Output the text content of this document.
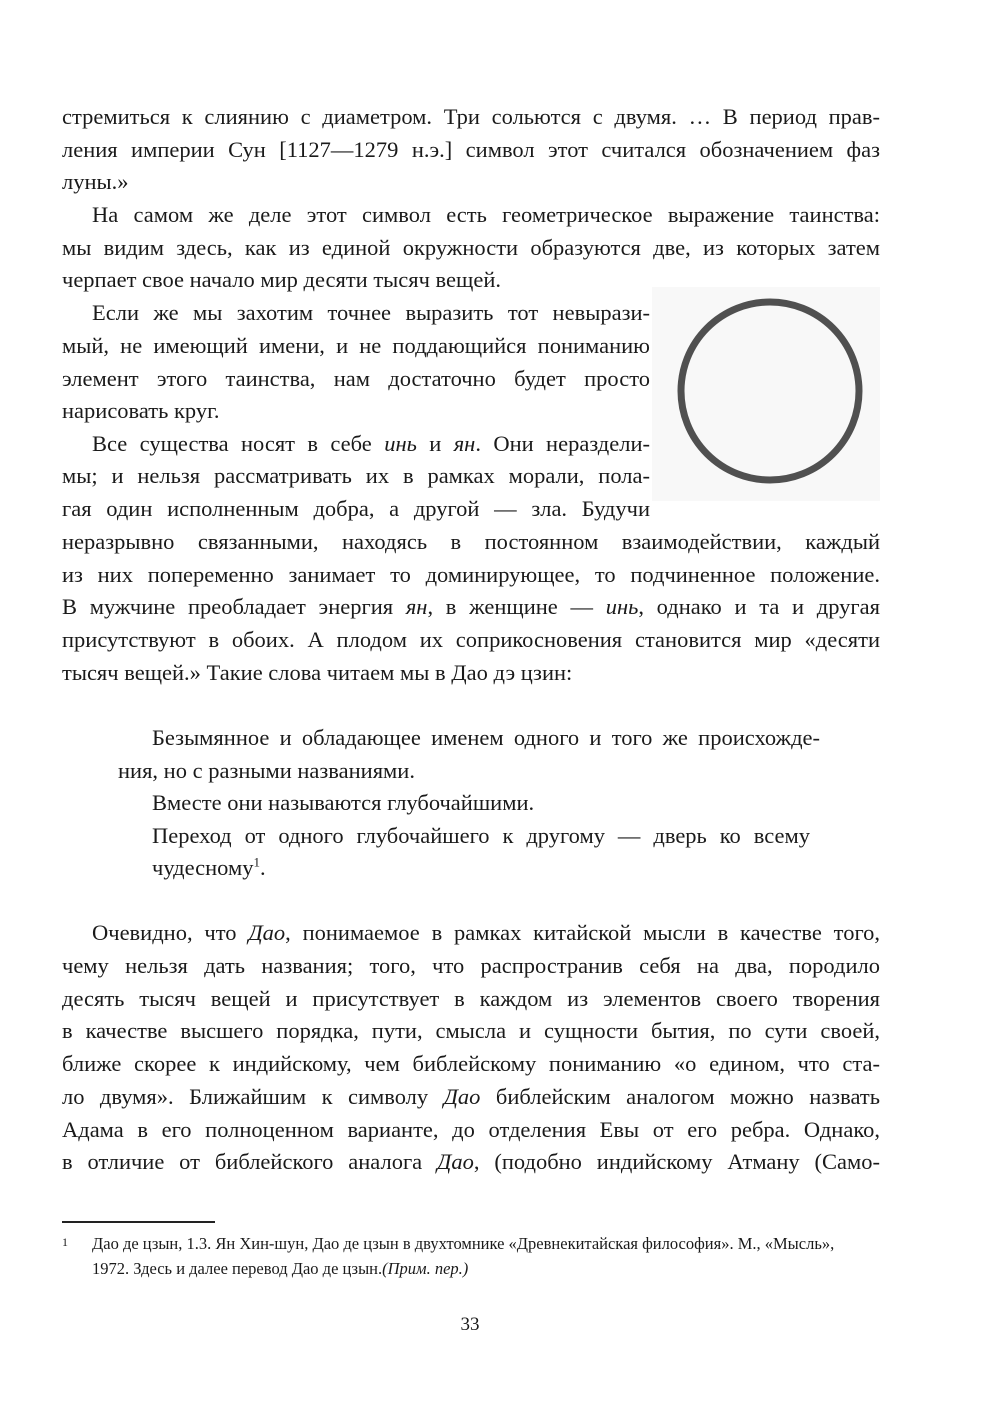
стремиться к слиянию с диаметром. Три сольются с двумя. … В период прав-
ления империи Сун [1127—1279 н.э.] символ этот считался обозначением фаз
луны.»
На самом же деле этот символ есть геометрическое выражение таинства:
мы видим здесь, как из единой окружности образуются две, из которых затем
черпает свое начало мир десяти тысяч вещей.
Если же мы захотим точнее выразить тот невырази-
мый, не имеющий имени, и не поддающийся пониманию
элемент этого таинства, нам достаточно будет просто
нарисовать круг.
Все существа носят в себе инь и ян. Они нераздели-
мы; и нельзя рассматривать их в рамках морали, пола-
гая один исполненным добра, а другой — зла. Будучи
неразрывно связанными, находясь в постоянном взаимодействии, каждый
из них попеременно занимает то доминирующее, то подчиненное положение.
В мужчине преобладает энергия ян, в женщине — инь, однако и та и другая
присутствуют в обоих. А плодом их соприкосновения становится мир «десяти
тысяч вещей.» Такие слова читаем мы в Дао дэ цзин:
Безымянное и обладающее именем одного и того же происхожде-
ния, но с разными названиями.
Вместе они называются глубочайшими.
Переход от одного глубочайшего к другому — дверь ко всему
чудесному$^1$.
Очевидно, что Дао, понимаемое в рамках китайской мысли в качестве того,
чему нельзя дать названия; того, что распространив себя на два, породило
десять тысяч вещей и присутствует в каждом из элементов своего творения
в качестве высшего порядка, пути, смысла и сущности бытия, по сути своей,
ближе скорее к индийскому, чем библейскому пониманию «о едином, что ста-
ло двумя». Ближайшим к символу Дао библейским аналогом можно назвать
Адама в его полноценном варианте, до отделения Евы от его ребра. Однако,
в отличие от библейского аналога Дао, (подобно индийскому Атману (Само-
1 Дао де цзын, 1.3. Ян Хин-шун, Дао де цзын в двухтомнике «Древнекитайская философия». М., «Мысль»,
1972. Здесь и далее перевод Дао де цзын.(Прим. пер.)
33
